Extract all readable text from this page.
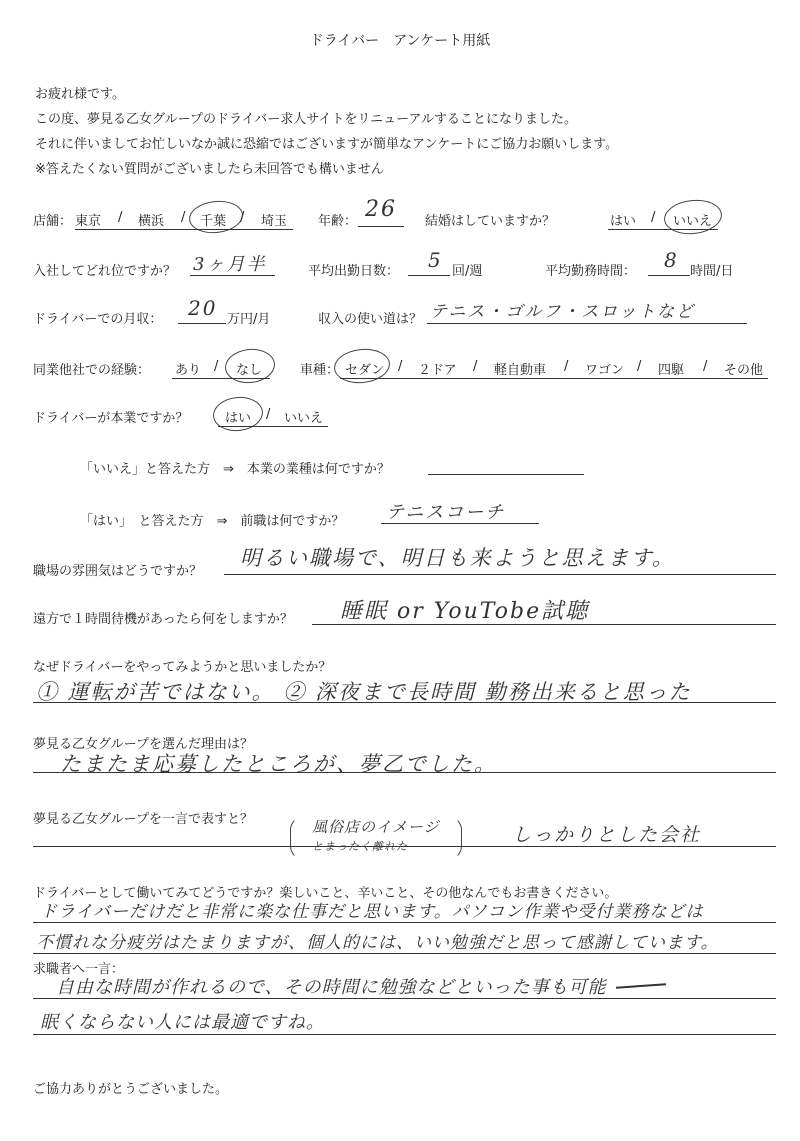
ドライバー　アンケート用紙
お疲れ様です。
この度、夢見る乙女グループのドライバー求人サイトをリニューアルすることになりました。
それに伴いましてお忙しいなか誠に恐縮ではございますが簡単なアンケートにご協力お願いします。
※答えたくない質問がございましたら未回答でも構いません
店舗： 東京 / 横浜 / 千葉 / 埼玉 年齢： 26 結婚はしていますか？	はい / いいえ
入社してどれ位ですか？ 3ヶ月半	平均出勤日数： 5 回/週	平均勤務時間： 8 時間/日
ドライバーでの月収： 20 万円/月	収入の使い道は？ テニス・ゴルフ・スロットなど
同業他社での経験： あり / なし	車種： セダン / ２ドア / 軽自動車 / ワゴン / 四駆 / その他
ドライバーが本業ですか？	はい / いいえ
「いいえ」と答えた方　⇒　本業の業種は何ですか？
「はい」　と答えた方　⇒　前職は何ですか？ テニスコーチ
職場の雰囲気はどうですか？
明るい職場で、明日も来ようと思えます。
遠方で１時間待機があったら何をしますか？ 睡眠 or YouTobe試聴
なぜドライバーをやってみようかと思いましたか？
① 運転が苦ではない。 ② 深夜まで長時間 勤務出来ると思った
夢見る乙女グループを選んだ理由は？
たまたま応募したところが、夢乙でした。
夢見る乙女グループを一言で表すと？	風俗店のイメージ
とまったく離れた
しっかりとした会社
ドライバーとして働いてみてどうですか？楽しいこと、辛いこと、その他なんでもお書きください。
ドライバーだけだと非常に楽な仕事だと思います。パソコン作業や受付業務などは
不慣れな分疲労はたまりますが、個人的には、いい勉強だと思って感謝しています。
求職者へ一言：
自由な時間が作れるので、その時間に勉強などといった事も可能
眠くならない人には最適ですね。
ご協力ありがとうございました。
